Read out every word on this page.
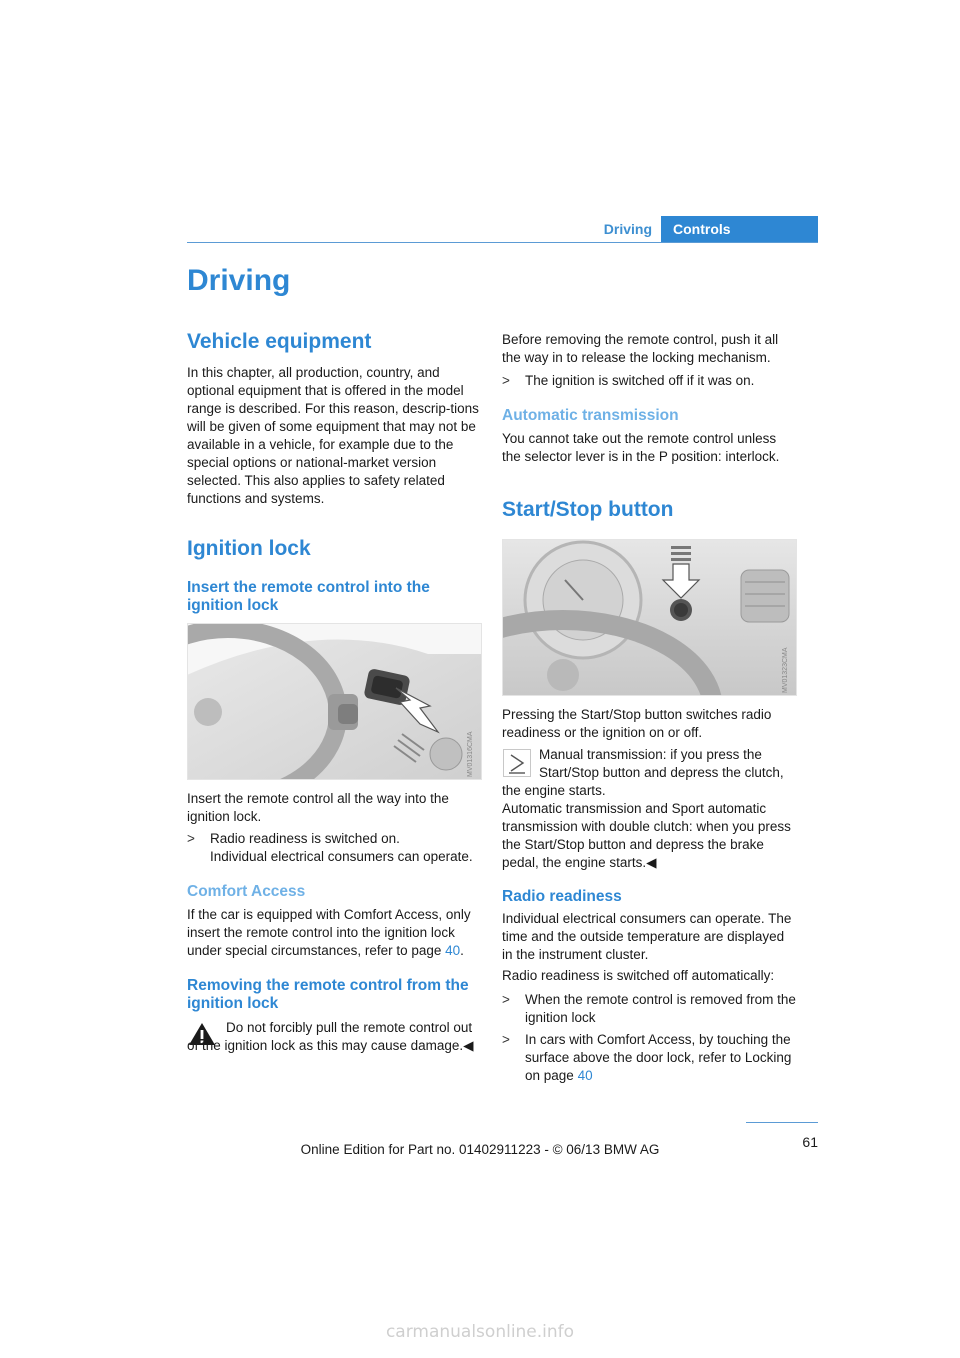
Driving	Controls
Driving
Vehicle equipment
In this chapter, all production, country, and optional equipment that is offered in the model range is described. For this reason, descrip-tions will be given of some equipment that may not be available in a vehicle, for example due to the special options or national-market version selected. This also applies to safety related functions and systems.
Ignition lock
Insert the remote control into the ignition lock
MV01316CMA
Insert the remote control all the way into the ignition lock.
> Radio readiness is switched on.
Individual electrical consumers can operate.
Comfort Access
If the car is equipped with Comfort Access, only insert the remote control into the ignition lock under special circumstances, refer to page 40.
Removing the remote control from the ignition lock
Do not forcibly pull the remote control out of the ignition lock as this may cause damage.◀
Before removing the remote control, push it all the way in to release the locking mechanism.
> The ignition is switched off if it was on.
Automatic transmission
You cannot take out the remote control unless the selector lever is in the P position: interlock.
Start/Stop button
MV01323CMA
Pressing the Start/Stop button switches radio readiness or the ignition on or off.
Manual transmission: if you press the
Start/Stop button and depress the clutch,
the engine starts.
Automatic transmission and Sport automatic transmission with double clutch: when you press the Start/Stop button and depress the brake pedal, the engine starts.◀
Radio readiness
Individual electrical consumers can operate. The time and the outside temperature are displayed in the instrument cluster.
Radio readiness is switched off automatically:
> When the remote control is removed from the ignition lock
> In cars with Comfort Access, by touching the surface above the door lock, refer to Locking on page 40
61
Online Edition for Part no. 01402911223 - © 06/13 BMW AG
carmanualsonline.info
